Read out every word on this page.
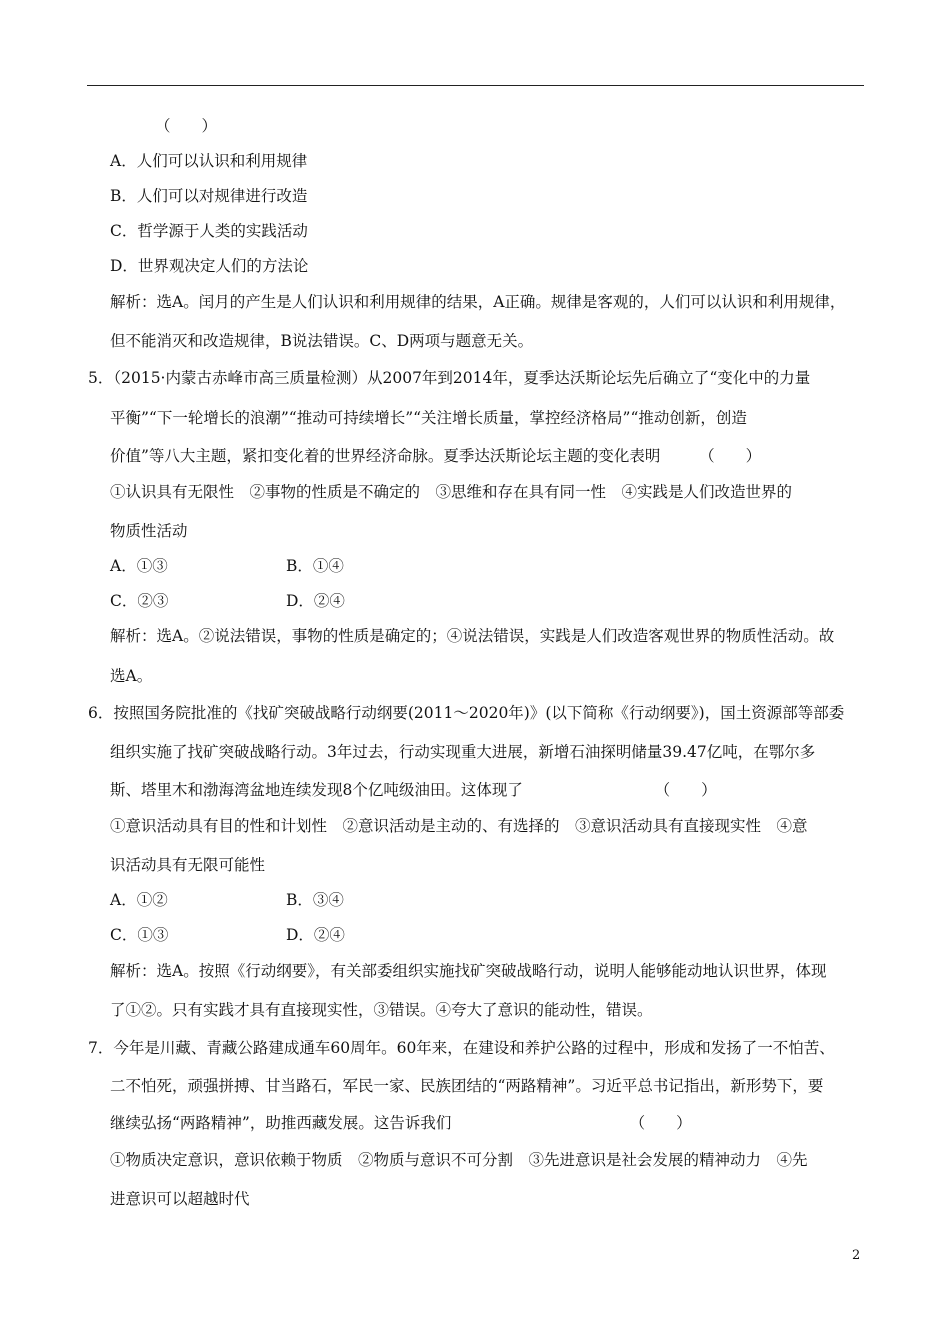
（　　）
A．人们可以认识和利用规律
B．人们可以对规律进行改造
C．哲学源于人类的实践活动
D．世界观决定人们的方法论
解析：选A。闰月的产生是人们认识和利用规律的结果，A正确。规律是客观的，人们可以认识和利用规律，
但不能消灭和改造规律，B说法错误。C、D两项与题意无关。
5．（2015·内蒙古赤峰市高三质量检测）从2007年到2014年，夏季达沃斯论坛先后确立了“变化中的力量
平衡”“下一轮增长的浪潮”“推动可持续增长”“关注增长质量，掌控经济格局”“推动创新，创造
价值”等八大主题，紧扣变化着的世界经济命脉。夏季达沃斯论坛主题的变化表明　　　（　　）
①认识具有无限性　②事物的性质是不确定的　③思维和存在具有同一性　④实践是人们改造世界的
物质性活动
A．①③	B．①④
C．②③	D．②④
解析：选A。②说法错误，事物的性质是确定的；④说法错误，实践是人们改造客观世界的物质性活动。故
选A。
6．按照国务院批准的《找矿突破战略行动纲要(2011～2020年)》(以下简称《行动纲要》)，国土资源部等部委
组织实施了找矿突破战略行动。3年过去，行动实现重大进展，新增石油探明储量39.47亿吨，在鄂尔多
斯、塔里木和渤海湾盆地连续发现8个亿吨级油田。这体现了　　　　　　　　　（　　）
①意识活动具有目的性和计划性　②意识活动是主动的、有选择的　③意识活动具有直接现实性　④意
识活动具有无限可能性
A．①②	B．③④
C．①③	D．②④
解析：选A。按照《行动纲要》，有关部委组织实施找矿突破战略行动，说明人能够能动地认识世界，体现
了①②。只有实践才具有直接现实性，③错误。④夸大了意识的能动性，错误。
7．今年是川藏、青藏公路建成通车60周年。60年来，在建设和养护公路的过程中，形成和发扬了一不怕苦、
二不怕死，顽强拼搏、甘当路石，军民一家、民族团结的“两路精神”。习近平总书记指出，新形势下，要
继续弘扬“两路精神”，助推西藏发展。这告诉我们　　　　　　　　　　　　（　　）
①物质决定意识，意识依赖于物质　②物质与意识不可分割　③先进意识是社会发展的精神动力　④先
进意识可以超越时代
2
